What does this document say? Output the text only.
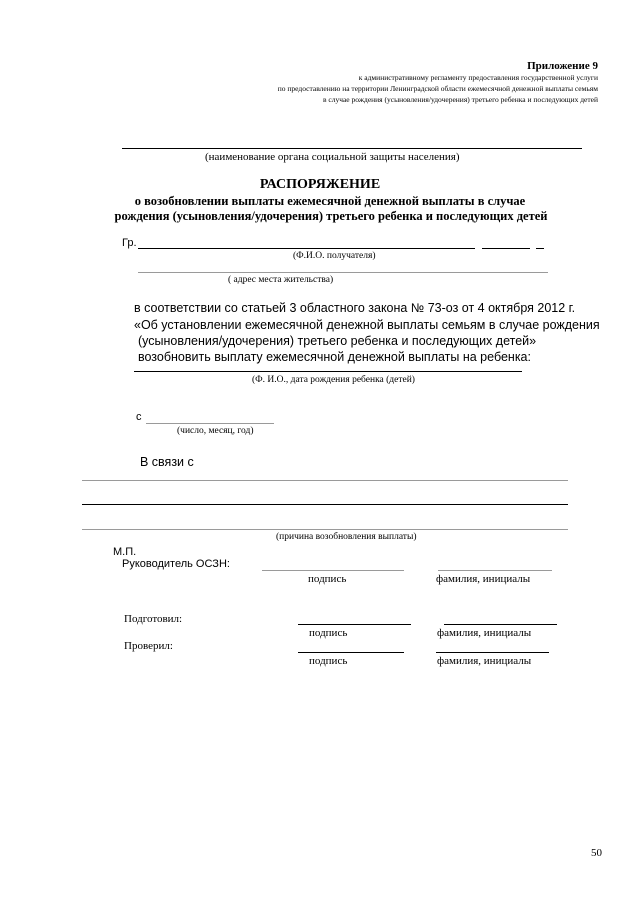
Приложение 9
к административному регламенту предоставления государственной услуги
по предоставлению на территории Ленинградской области ежемесячной денежной выплаты семьям
в случае рождения (усыновления/удочерения) третьего ребенка и последующих детей
(наименование органа социальной защиты населения)
РАСПОРЯЖЕНИЕ
о возобновлении выплаты ежемесячной денежной выплаты в случае
рождения (усыновления/удочерения) третьего ребенка и последующих детей
Гр.
(Ф.И.О. получателя)
( адрес места жительства)
в соответствии со статьей 3 областного закона № 73-оз от 4 октября 2012 г.
«Об установлении ежемесячной денежной выплаты семьям в случае рождения
(усыновления/удочерения) третьего ребенка и последующих детей»
возобновить выплату ежемесячной денежной выплаты на ребенка:
(Ф. И.О., дата рождения ребенка (детей)
с
(число, месяц, год)
В связи с
(причина возобновления выплаты)
М.П.
Руководитель ОСЗН:
подпись	фамилия, инициалы
Подготовил:
подпись	фамилия, инициалы
Проверил:
подпись	фамилия, инициалы
50
